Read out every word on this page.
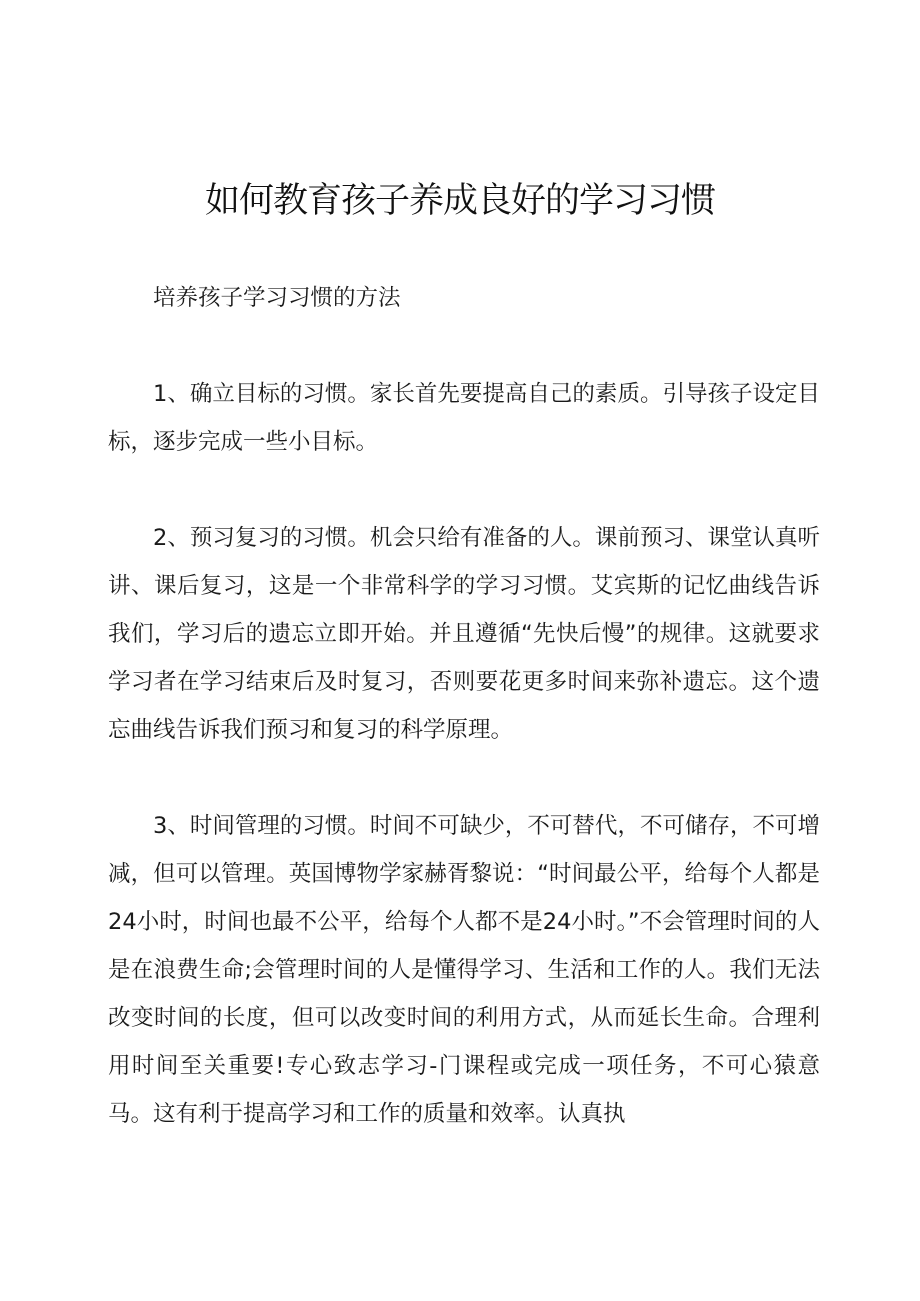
如何教育孩子养成良好的学习习惯

培养孩子学习习惯的方法

1、确立目标的习惯。家长首先要提高自己的素质。引导孩子设定目标，逐步完成一些小目标。

2、预习复习的习惯。机会只给有准备的人。课前预习、课堂认真听讲、课后复习，这是一个非常科学的学习习惯。艾宾斯的记忆曲线告诉我们，学习后的遗忘立即开始。并且遵循“先快后慢”的规律。这就要求学习者在学习结束后及时复习，否则要花更多时间来弥补遗忘。这个遗忘曲线告诉我们预习和复习的科学原理。

3、时间管理的习惯。时间不可缺少，不可替代，不可储存，不可增减，但可以管理。英国博物学家赫胥黎说：“时间最公平，给每个人都是24小时，时间也最不公平，给每个人都不是24小时。”不会管理时间的人是在浪费生命;会管理时间的人是懂得学习、生活和工作的人。我们无法改变时间的长度，但可以改变时间的利用方式，从而延长生命。合理利用时间至关重要!专心致志学习-门课程或完成一项任务，不可心猿意马。这有利于提高学习和工作的质量和效率。认真执
